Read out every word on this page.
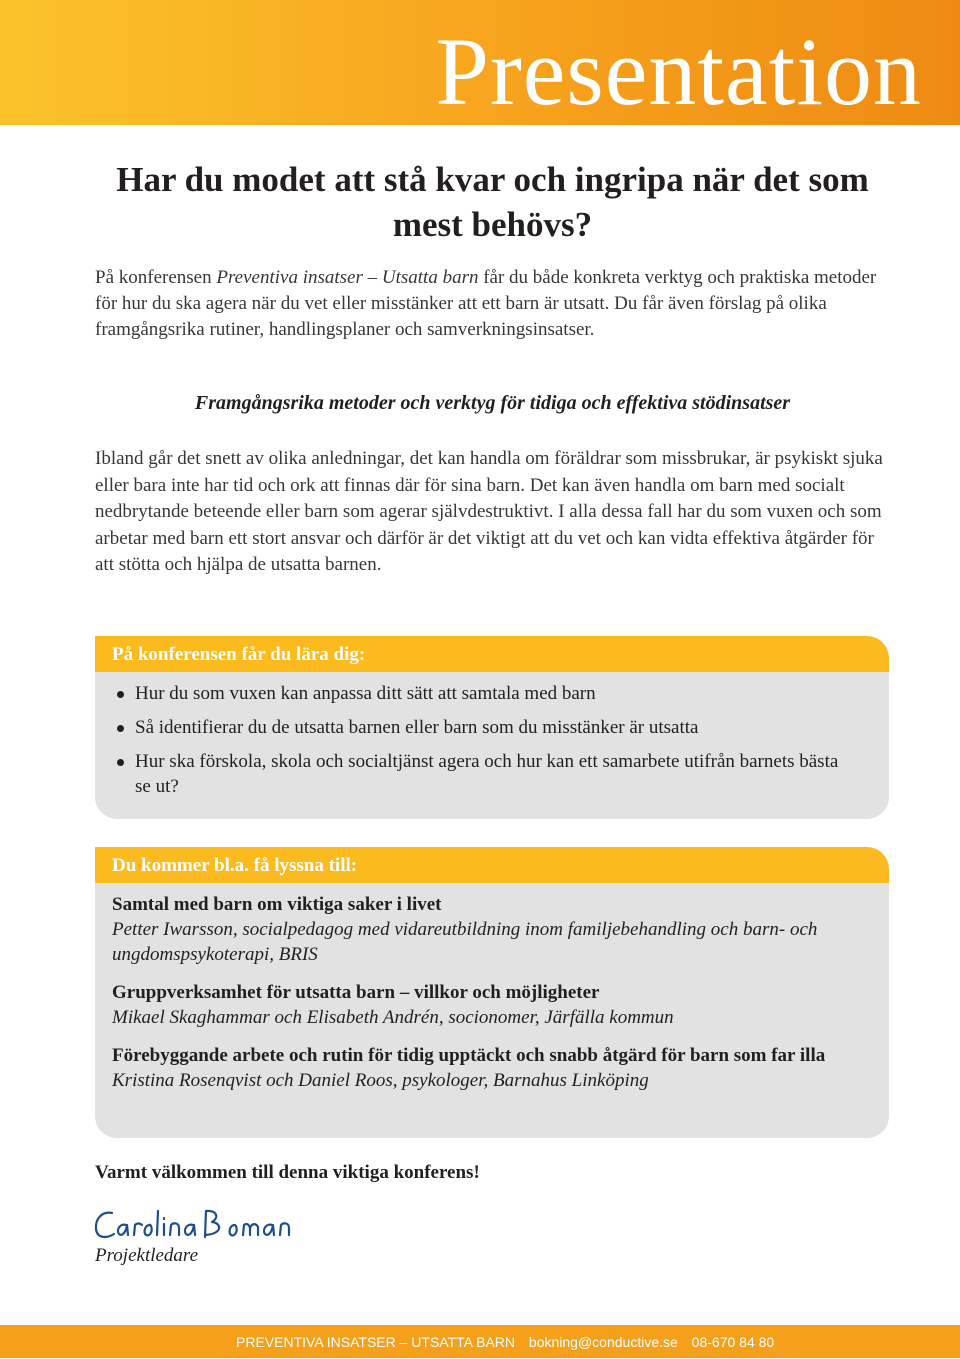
Presentation
Har du modet att stå kvar och ingripa när det som mest behövs?
På konferensen Preventiva insatser – Utsatta barn får du både konkreta verktyg och praktiska metoder för hur du ska agera när du vet eller misstänker att ett barn är utsatt. Du får även förslag på olika framgångsrika rutiner, handlingsplaner och samverkningsinsatser.
Framgångsrika metoder och verktyg för tidiga och effektiva stödinsatser
Ibland går det snett av olika anledningar, det kan handla om föräldrar som missbrukar, är psykiskt sjuka eller bara inte har tid och ork att finnas där för sina barn. Det kan även handla om barn med socialt nedbrytande beteende eller barn som agerar självdestruktivt. I alla dessa fall har du som vuxen och som arbetar med barn ett stort ansvar och därför är det viktigt att du vet och kan vidta effektiva åtgärder för att stötta och hjälpa de utsatta barnen.
På konferensen får du lära dig:
Hur du som vuxen kan anpassa ditt sätt att samtala med barn
Så identifierar du de utsatta barnen eller barn som du misstänker är utsatta
Hur ska förskola, skola och socialtjänst agera och hur kan ett samarbete utifrån barnets bästa se ut?
Du kommer bl.a. få lyssna till:
Samtal med barn om viktiga saker i livet
Petter Iwarsson, socialpedagog med vidareutbildning inom familjebehandling och barn- och ungdomspsykoterapi, BRIS
Gruppverksamhet för utsatta barn – villkor och möjligheter
Mikael Skaghammar och Elisabeth Andrén, socionomer, Järfälla kommun
Förebyggande arbete och rutin för tidig upptäckt och snabb åtgärd för barn som far illa
Kristina Rosenqvist och Daniel Roos, psykologer, Barnahus Linköping
Varmt välkommen till denna viktiga konferens!
Projektledare
PREVENTIVA INSATSER – UTSATTA BARN bokning@conductive.se 08-670 84 80
